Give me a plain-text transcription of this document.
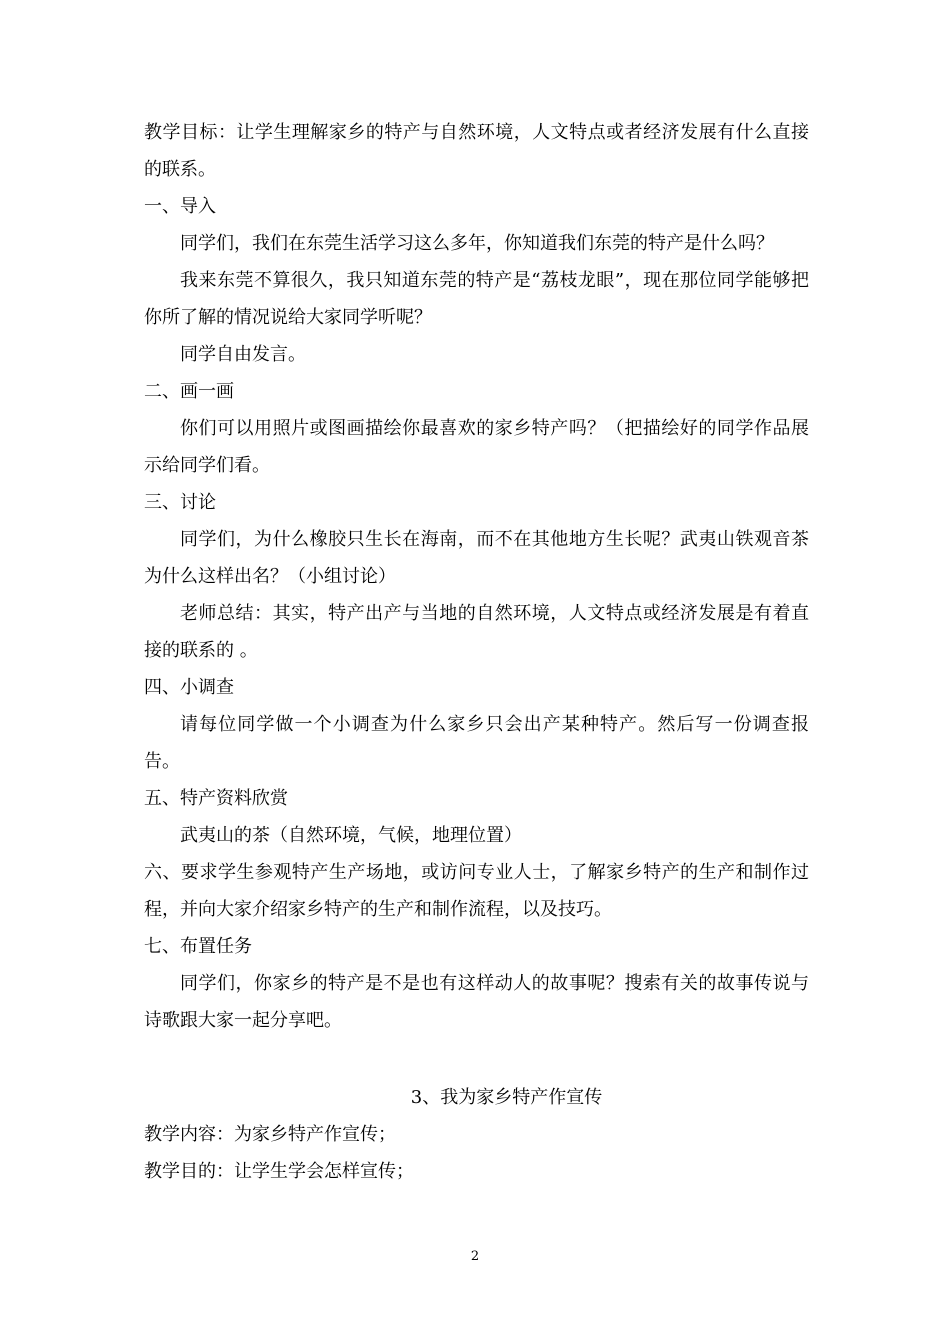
教学目标：让学生理解家乡的特产与自然环境，人文特点或者经济发展有什么直接的联系。

一、导入

同学们，我们在东莞生活学习这么多年，你知道我们东莞的特产是什么吗？

我来东莞不算很久，我只知道东莞的特产是“荔枝龙眼”，现在那位同学能够把你所了解的情况说给大家同学听呢？

同学自由发言。

二、画一画

你们可以用照片或图画描绘你最喜欢的家乡特产吗？（把描绘好的同学作品展示给同学们看。

三、讨论

同学们，为什么橡胶只生长在海南，而不在其他地方生长呢？武夷山铁观音茶为什么这样出名？（小组讨论）

老师总结：其实，特产出产与当地的自然环境，人文特点或经济发展是有着直接的联系的 。

四、小调查

请每位同学做一个小调查为什么家乡只会出产某种特产。然后写一份调查报告。

五、特产资料欣赏

武夷山的茶（自然环境，气候，地理位置）

六、要求学生参观特产生产场地，或访问专业人士，了解家乡特产的生产和制作过程，并向大家介绍家乡特产的生产和制作流程，以及技巧。

七、布置任务

同学们，你家乡的特产是不是也有这样动人的故事呢？搜索有关的故事传说与诗歌跟大家一起分享吧。

3、我为家乡特产作宣传

教学内容：为家乡特产作宣传；

教学目的：让学生学会怎样宣传；

2
